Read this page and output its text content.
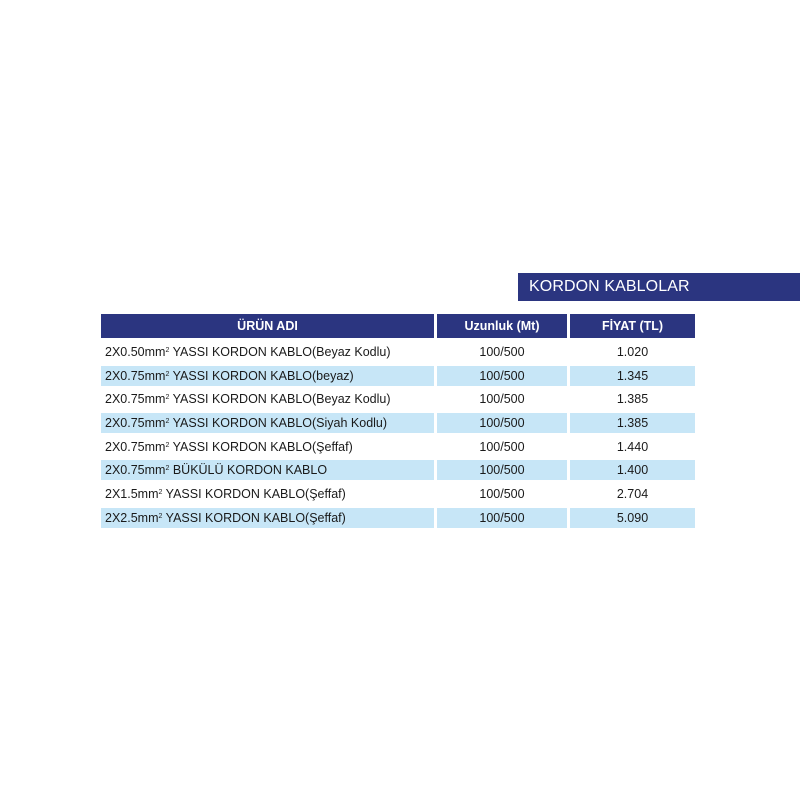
KORDON KABLOLAR
ÜRÜN ADI	Uzunluk (Mt)	FİYAT (TL)
$2X0.50mm^2$ YASSI KORDON KABLO(Beyaz Kodlu)	100/500	1.020
$2X0.75mm^2$ YASSI KORDON KABLO(beyaz)	100/500	1.345
$2X0.75mm^2$ YASSI KORDON KABLO(Beyaz Kodlu)	100/500	1.385
$2X0.75mm^2$ YASSI KORDON KABLO(Siyah Kodlu)	100/500	1.385
$2X0.75mm^2$ YASSI KORDON KABLO(Şeffaf)	100/500	1.440
$2X0.75mm^2$ BÜKÜLÜ KORDON KABLO	100/500	1.400
$2X1.5mm^2$ YASSI KORDON KABLO(Şeffaf)	100/500	2.704
$2X2.5mm^2$ YASSI KORDON KABLO(Şeffaf)	100/500	5.090
